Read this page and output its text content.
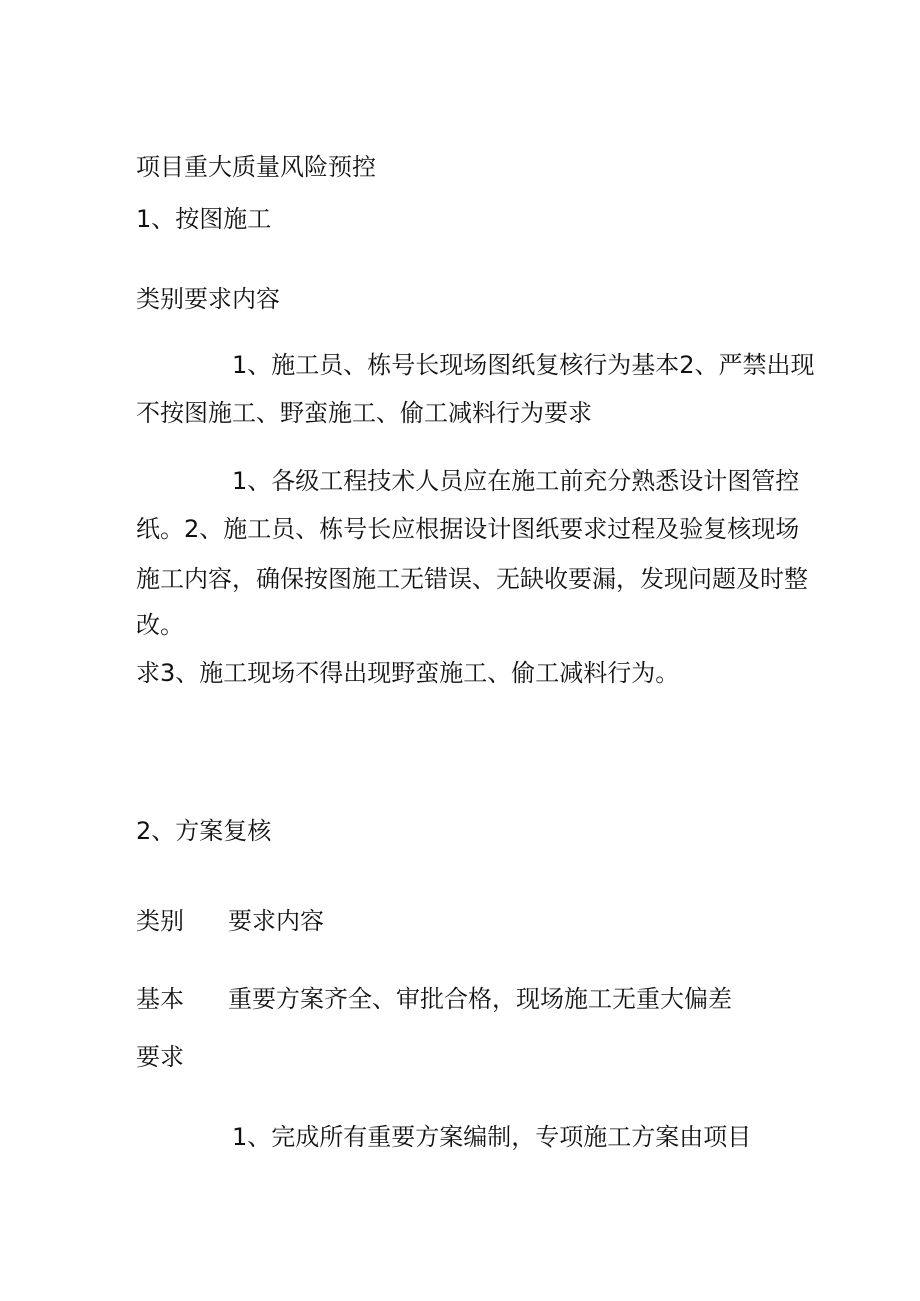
项目重大质量风险预控
1、按图施工
类别要求内容
1、施工员、栋号长现场图纸复核行为基本2、严禁出现
不按图施工、野蛮施工、偷工减料行为要求
1、各级工程技术人员应在施工前充分熟悉设计图管控
纸。2、施工员、栋号长应根据设计图纸要求过程及验复核现场
施工内容，确保按图施工无错误、无缺收要漏，发现问题及时整
改。
求3、施工现场不得出现野蛮施工、偷工减料行为。
2、方案复核
类别 要求内容
基本 重要方案齐全、审批合格，现场施工无重大偏差
要求
1、完成所有重要方案编制，专项施工方案由项目
